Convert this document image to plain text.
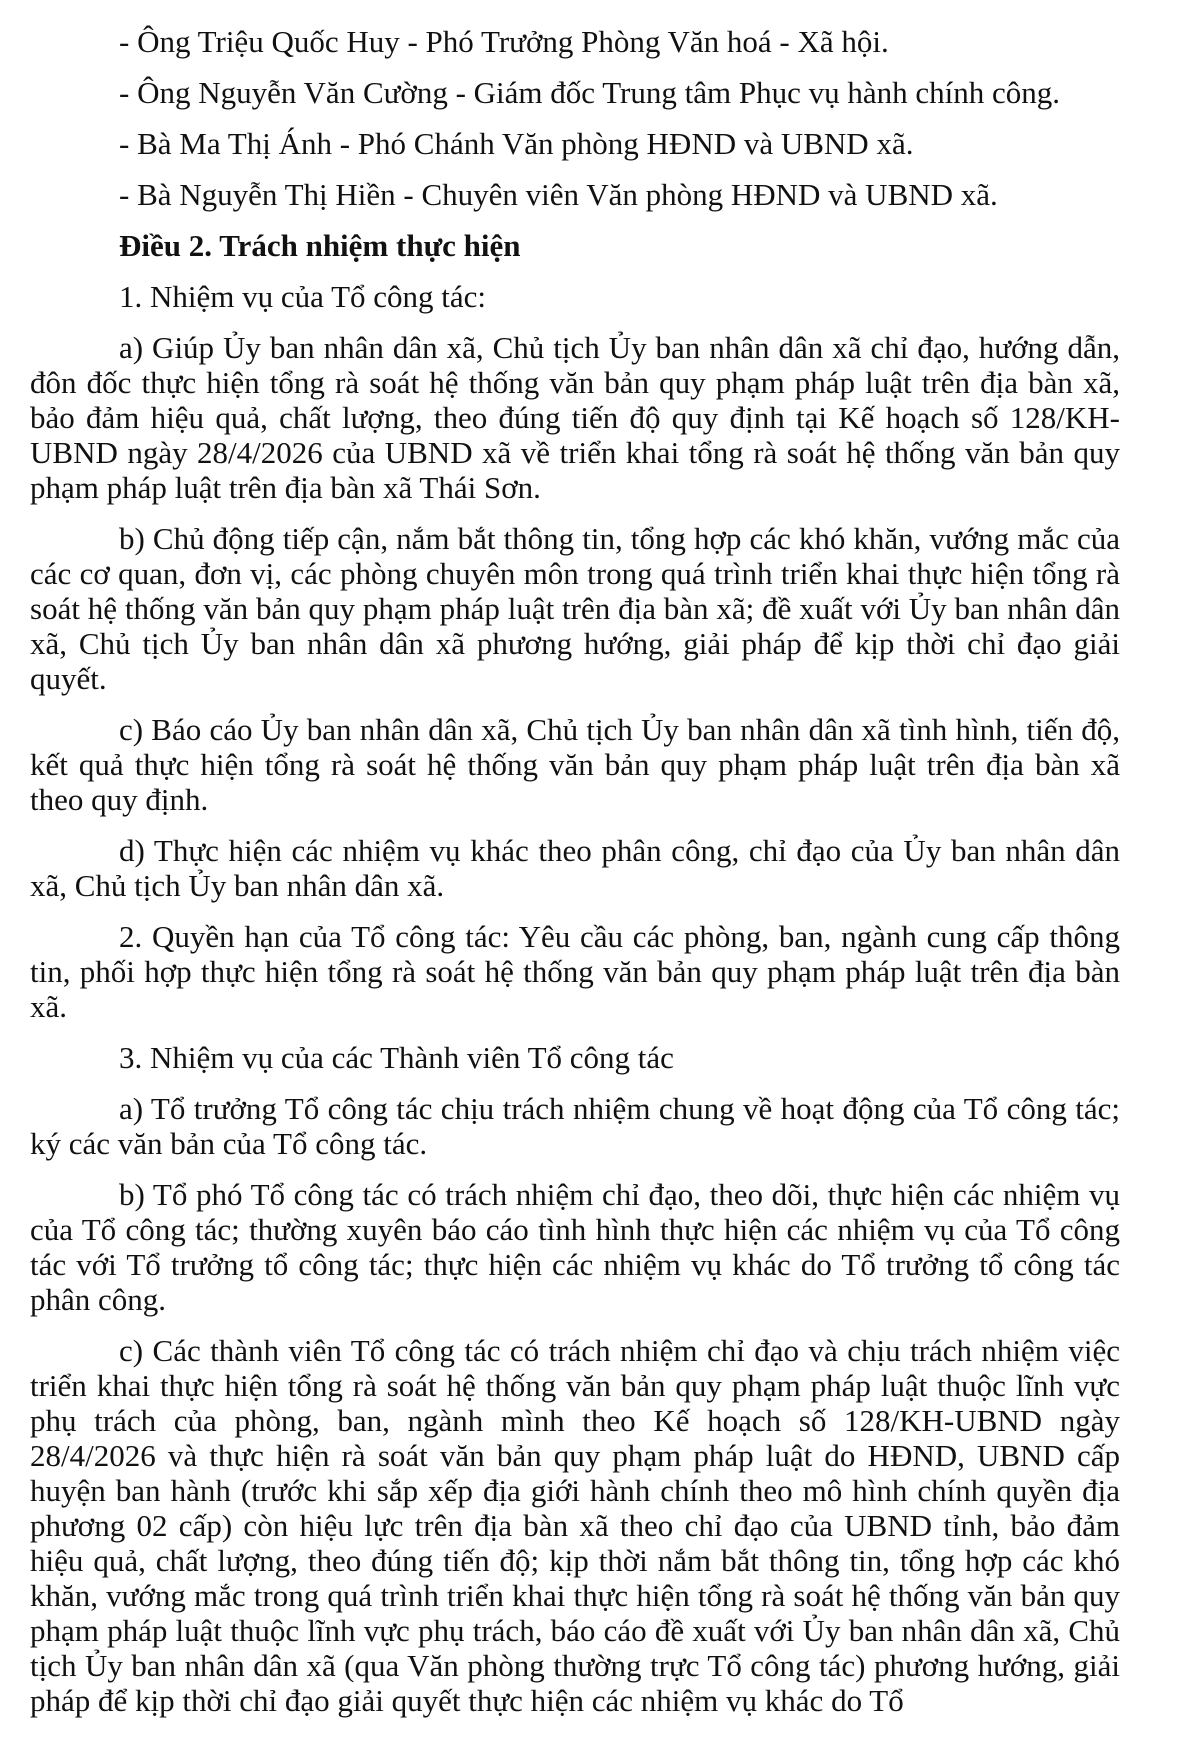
- Ông Triệu Quốc Huy - Phó Trưởng Phòng Văn hoá - Xã hội.

- Ông Nguyễn Văn Cường - Giám đốc Trung tâm Phục vụ hành chính công.

- Bà Ma Thị Ánh - Phó Chánh Văn phòng HĐND và UBND xã.

- Bà Nguyễn Thị Hiền - Chuyên viên Văn phòng HĐND và UBND xã.

Điều 2. Trách nhiệm thực hiện

1. Nhiệm vụ của Tổ công tác:

a) Giúp Ủy ban nhân dân xã, Chủ tịch Ủy ban nhân dân xã chỉ đạo, hướng dẫn, đôn đốc thực hiện tổng rà soát hệ thống văn bản quy phạm pháp luật trên địa bàn xã, bảo đảm hiệu quả, chất lượng, theo đúng tiến độ quy định tại Kế hoạch số 128/KH-UBND ngày 28/4/2026 của UBND xã về triển khai tổng rà soát hệ thống văn bản quy phạm pháp luật trên địa bàn xã Thái Sơn.

b) Chủ động tiếp cận, nắm bắt thông tin, tổng hợp các khó khăn, vướng mắc của các cơ quan, đơn vị, các phòng chuyên môn trong quá trình triển khai thực hiện tổng rà soát hệ thống văn bản quy phạm pháp luật trên địa bàn xã; đề xuất với Ủy ban nhân dân xã, Chủ tịch Ủy ban nhân dân xã phương hướng, giải pháp để kịp thời chỉ đạo giải quyết.

c) Báo cáo Ủy ban nhân dân xã, Chủ tịch Ủy ban nhân dân xã tình hình, tiến độ, kết quả thực hiện tổng rà soát hệ thống văn bản quy phạm pháp luật trên địa bàn xã theo quy định.

d) Thực hiện các nhiệm vụ khác theo phân công, chỉ đạo của Ủy ban nhân dân xã, Chủ tịch Ủy ban nhân dân xã.

2. Quyền hạn của Tổ công tác: Yêu cầu các phòng, ban, ngành cung cấp thông tin, phối hợp thực hiện tổng rà soát hệ thống văn bản quy phạm pháp luật trên địa bàn xã.

3. Nhiệm vụ của các Thành viên Tổ công tác

a) Tổ trưởng Tổ công tác chịu trách nhiệm chung về hoạt động của Tổ công tác; ký các văn bản của Tổ công tác.

b) Tổ phó Tổ công tác có trách nhiệm chỉ đạo, theo dõi, thực hiện các nhiệm vụ của Tổ công tác; thường xuyên báo cáo tình hình thực hiện các nhiệm vụ của Tổ công tác với Tổ trưởng tổ công tác; thực hiện các nhiệm vụ khác do Tổ trưởng tổ công tác phân công.

c) Các thành viên Tổ công tác có trách nhiệm chỉ đạo và chịu trách nhiệm việc triển khai thực hiện tổng rà soát hệ thống văn bản quy phạm pháp luật thuộc lĩnh vực phụ trách của phòng, ban, ngành mình theo Kế hoạch số 128/KH-UBND ngày 28/4/2026 và thực hiện rà soát văn bản quy phạm pháp luật do HĐND, UBND cấp huyện ban hành (trước khi sắp xếp địa giới hành chính theo mô hình chính quyền địa phương 02 cấp) còn hiệu lực trên địa bàn xã theo chỉ đạo của UBND tỉnh, bảo đảm hiệu quả, chất lượng, theo đúng tiến độ; kịp thời nắm bắt thông tin, tổng hợp các khó khăn, vướng mắc trong quá trình triển khai thực hiện tổng rà soát hệ thống văn bản quy phạm pháp luật thuộc lĩnh vực phụ trách, báo cáo đề xuất với Ủy ban nhân dân xã, Chủ tịch Ủy ban nhân dân xã (qua Văn phòng thường trực Tổ công tác) phương hướng, giải pháp để kịp thời chỉ đạo giải quyết thực hiện các nhiệm vụ khác do Tổ
